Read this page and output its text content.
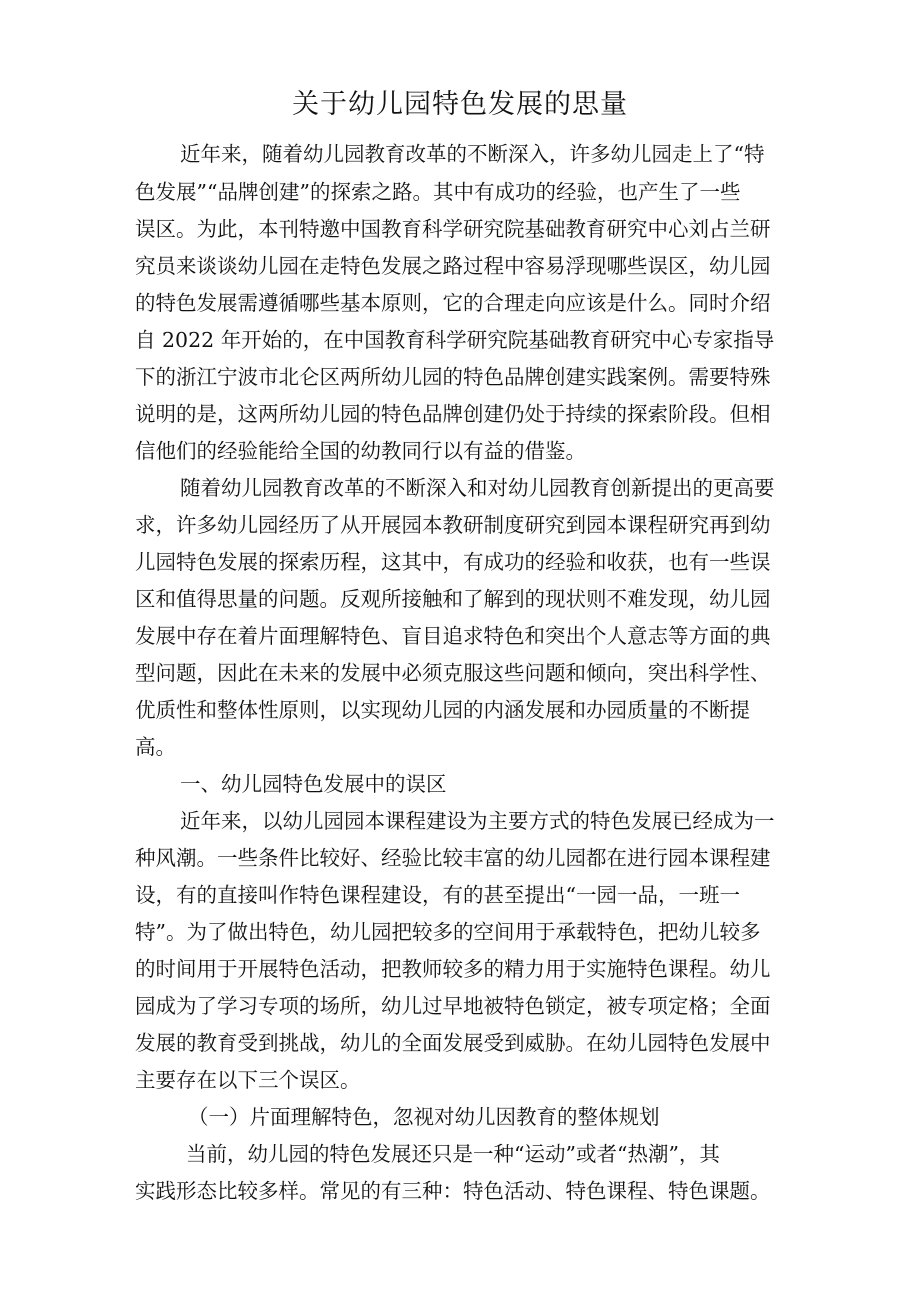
关于幼儿园特色发展的思量
近年来，随着幼儿园教育改革的不断深入，许多幼儿园走上了“特
色发展”“品牌创建”的探索之路。其中有成功的经验，也产生了一些
误区。为此，本刊特邀中国教育科学研究院基础教育研究中心刘占兰研
究员来谈谈幼儿园在走特色发展之路过程中容易浮现哪些误区，幼儿园
的特色发展需遵循哪些基本原则，它的合理走向应该是什么。同时介绍
自 2022 年开始的，在中国教育科学研究院基础教育研究中心专家指导
下的浙江宁波市北仑区两所幼儿园的特色品牌创建实践案例。需要特殊
说明的是，这两所幼儿园的特色品牌创建仍处于持续的探索阶段。但相
信他们的经验能给全国的幼教同行以有益的借鉴。
随着幼儿园教育改革的不断深入和对幼儿园教育创新提出的更高要
求，许多幼儿园经历了从开展园本教研制度研究到园本课程研究再到幼
儿园特色发展的探索历程，这其中，有成功的经验和收获，也有一些误
区和值得思量的问题。反观所接触和了解到的现状则不难发现，幼儿园
发展中存在着片面理解特色、盲目追求特色和突出个人意志等方面的典
型问题，因此在未来的发展中必须克服这些问题和倾向，突出科学性、
优质性和整体性原则，以实现幼儿园的内涵发展和办园质量的不断提
高。
一、幼儿园特色发展中的误区
近年来，以幼儿园园本课程建设为主要方式的特色发展已经成为一
种风潮。一些条件比较好、经验比较丰富的幼儿园都在进行园本课程建
设，有的直接叫作特色课程建设，有的甚至提出“一园一品，一班一
特”。为了做出特色，幼儿园把较多的空间用于承载特色，把幼儿较多
的时间用于开展特色活动，把教师较多的精力用于实施特色课程。幼儿
园成为了学习专项的场所，幼儿过早地被特色锁定，被专项定格；全面
发展的教育受到挑战，幼儿的全面发展受到威胁。在幼儿园特色发展中
主要存在以下三个误区。
（一）片面理解特色，忽视对幼儿因教育的整体规划
当前，幼儿园的特色发展还只是一种“运动”或者“热潮”，其
实践形态比较多样。常见的有三种：特色活动、特色课程、特色课题。
